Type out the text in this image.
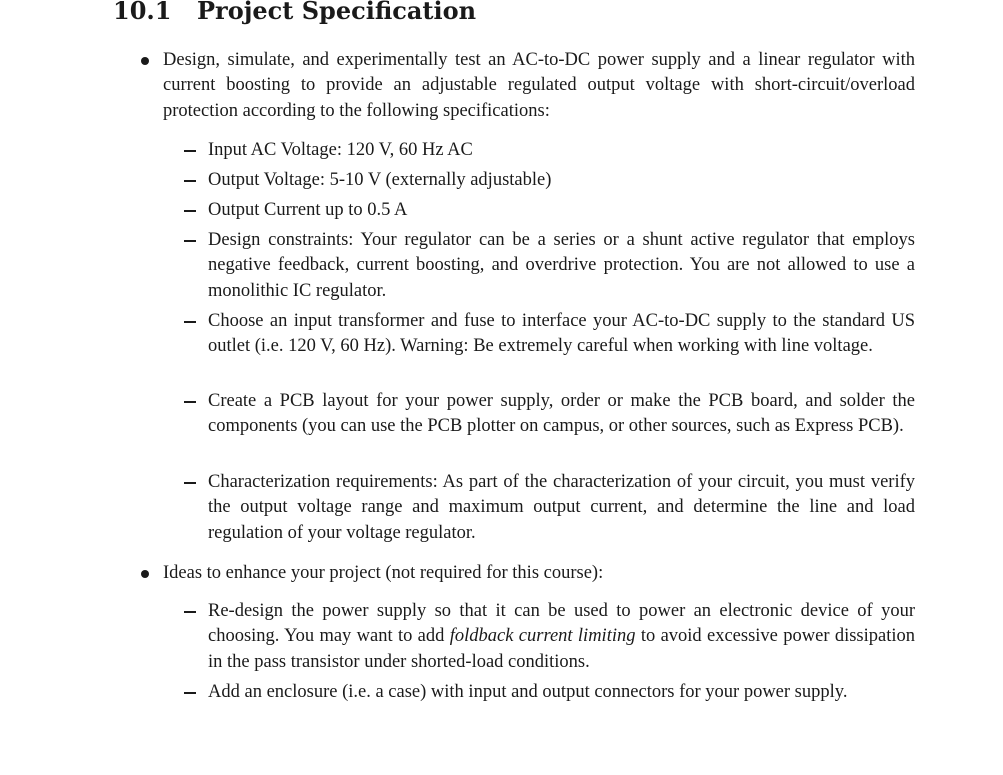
10.1 Project Specification

Design, simulate, and experimentally test an AC-to-DC power supply and a linear regulator with current boosting to provide an adjustable regulated output voltage with short-circuit/overload protection according to the following specifications:

Input AC Voltage: 120 V, 60 Hz AC

Output Voltage: 5-10 V (externally adjustable)

Output Current up to 0.5 A

Design constraints: Your regulator can be a series or a shunt active regulator that employs negative feedback, current boosting, and overdrive protection. You are not allowed to use a monolithic IC regulator.

Choose an input transformer and fuse to interface your AC-to-DC supply to the standard US outlet (i.e. 120 V, 60 Hz). Warning: Be extremely careful when working with line voltage.

Create a PCB layout for your power supply, order or make the PCB board, and solder the components (you can use the PCB plotter on campus, or other sources, such as Express PCB).

Characterization requirements: As part of the characterization of your circuit, you must verify the output voltage range and maximum output current, and determine the line and load regulation of your voltage regulator.

Ideas to enhance your project (not required for this course):

Re-design the power supply so that it can be used to power an electronic device of your choosing. You may want to add foldback current limiting to avoid excessive power dissipation in the pass transistor under shorted-load conditions.

Add an enclosure (i.e. a case) with input and output connectors for your power supply.
